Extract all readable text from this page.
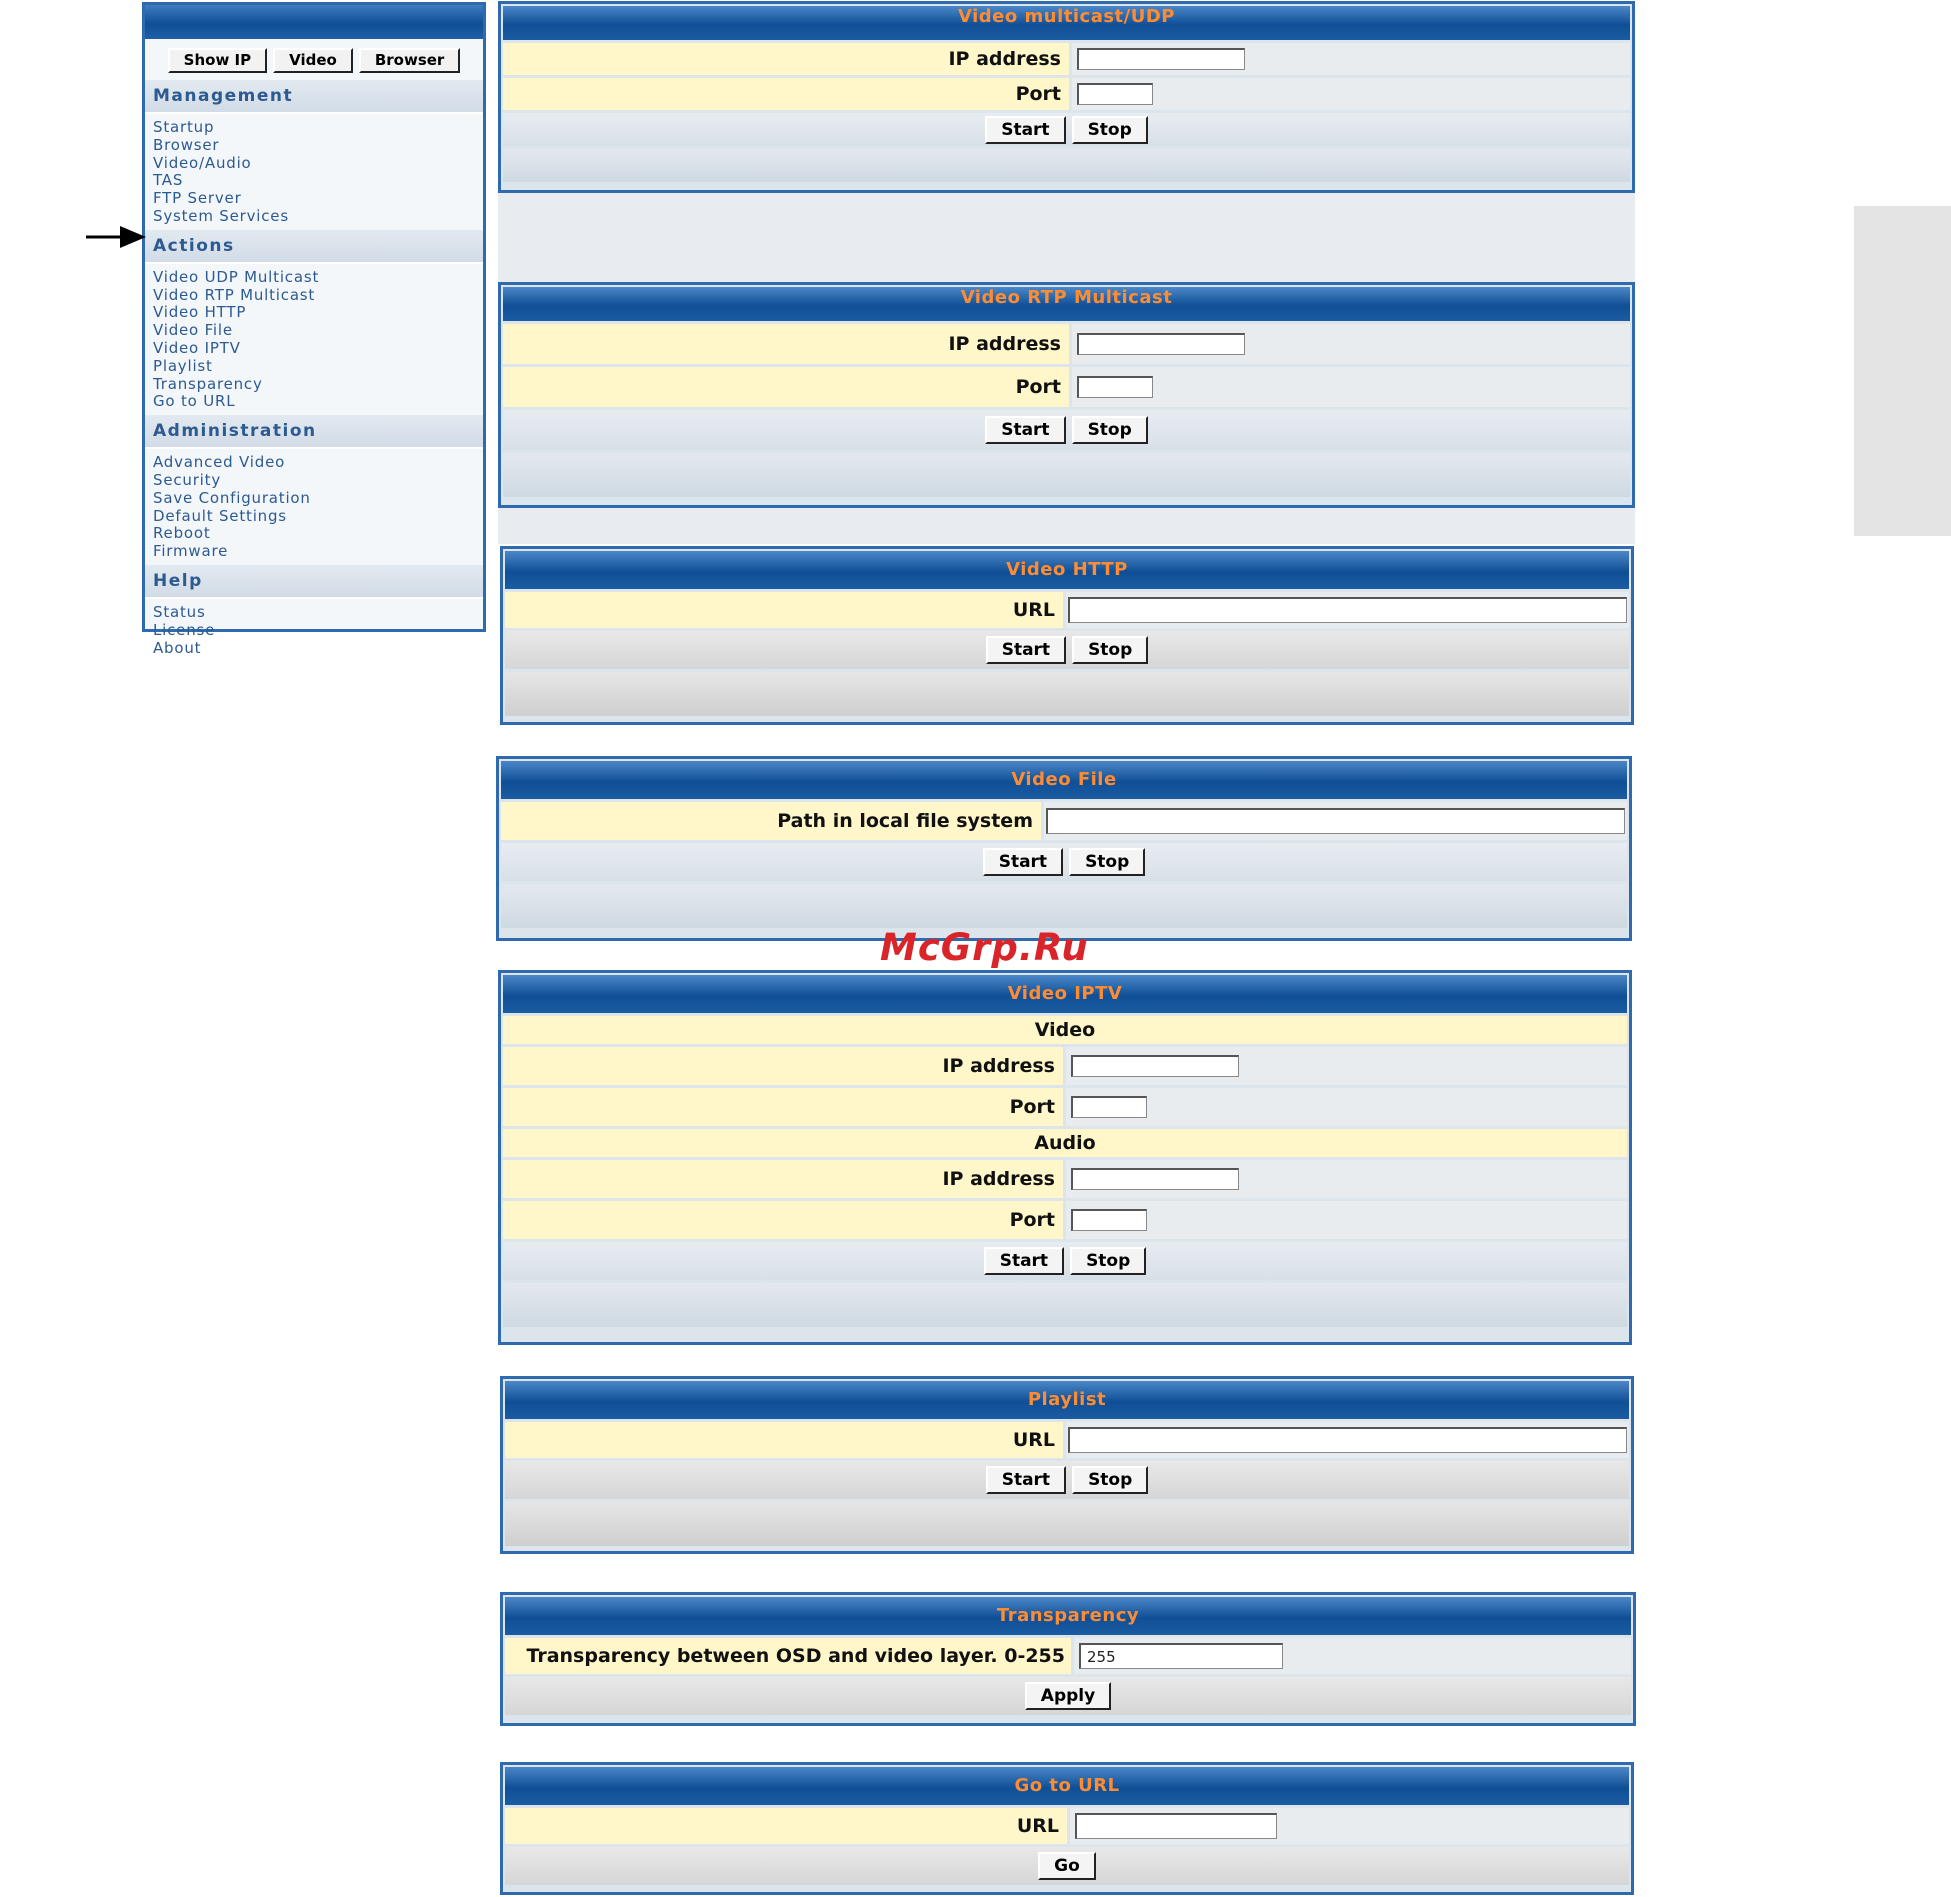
Show IP	Video	Browser
Management
Startup
Browser
Video/Audio
TAS
FTP Server
System Services
Actions
Video UDP Multicast
Video RTP Multicast
Video HTTP
Video File
Video IPTV
Playlist
Transparency
Go to URL
Administration
Advanced Video
Security
Save Configuration
Default Settings
Reboot
Firmware
Help
Status
License
About
Video multicast/UDP
IP address
Port
Start	Stop
Video RTP Multicast
IP address
Port
Start	Stop
Video HTTP
URL
Start	Stop
Video File
Path in local file system
Start	Stop
Video IPTV
Video
IP address
Port
Audio
IP address
Port
Start	Stop
Playlist
URL
Start	Stop
Transparency
Transparency between OSD and video layer. 0-255
255
Apply
Go to URL
URL
Go
McGrp.Ru
